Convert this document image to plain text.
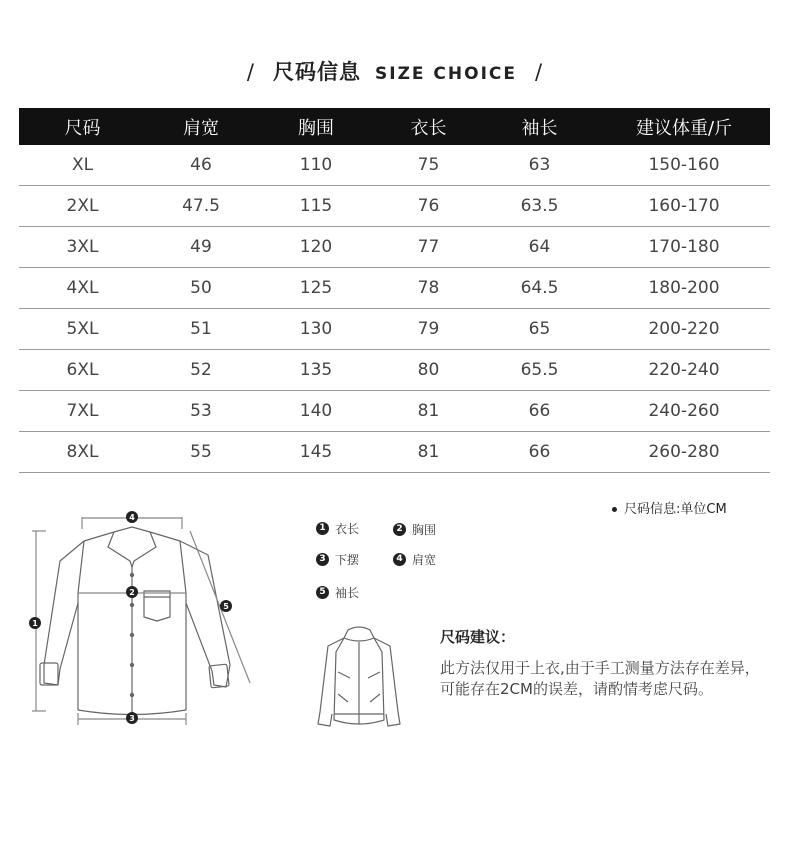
/ 尺码信息 SIZE CHOICE /
尺码	肩宽	胸围	衣长	袖长	建议体重/斤
XL	46	110	75	63	150-160
2XL	47.5	115	76	63.5	160-170
3XL	49	120	77	64	170-180
4XL	50	125	78	64.5	180-200
5XL	51	130	79	65	200-220
6XL	52	135	80	65.5	220-240
7XL	53	140	81	66	240-260
8XL	55	145	81	66	260-280
尺码信息:单位CM
4
2
5
1
3
1 衣长	2 胸围
3 下摆	4 肩宽
5 袖长
尺码建议：
此方法仅用于上衣,由于手工测量方法存在差异，可能存在2CM的误差，请酌情考虑尺码。
